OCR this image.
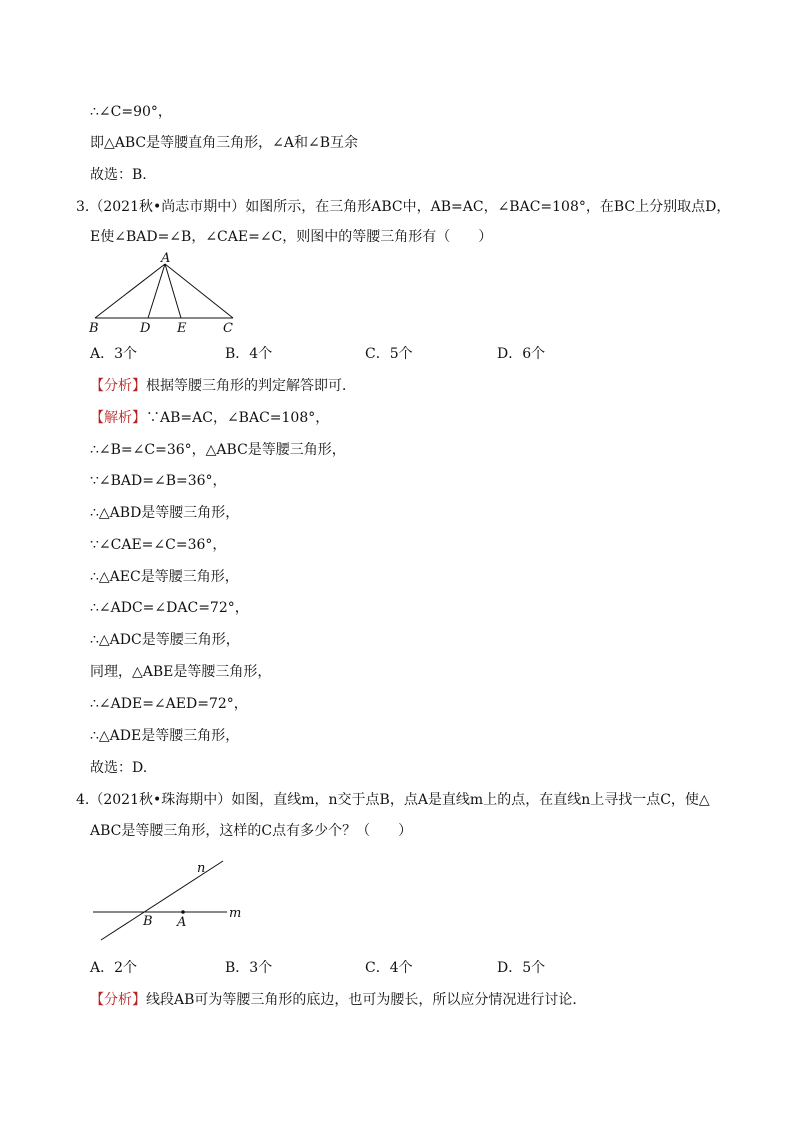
∴∠C=90°，
即△ABC是等腰直角三角形，∠A和∠B互余
故选：B.
3.（2021秋•尚志市期中）如图所示，在三角形ABC中，AB=AC，∠BAC=108°，在BC上分别取点D，
E使∠BAD=∠B，∠CAE=∠C，则图中的等腰三角形有（　　）
A
B	D E	C
A．3个	B．4个	C．5个	D．6个
【分析】根据等腰三角形的判定解答即可．
【解析】∵AB=AC，∠BAC=108°，
∴∠B=∠C=36°，△ABC是等腰三角形，
∵∠BAD=∠B=36°，
∴△ABD是等腰三角形，
∵∠CAE=∠C=36°，
∴△AEC是等腰三角形，
∴∠ADC=∠DAC=72°，
∴△ADC是等腰三角形，
同理，△ABE是等腰三角形，
∴∠ADE=∠AED=72°，
∴△ADE是等腰三角形，
故选：D.
4.（2021秋•珠海期中）如图，直线m，n交于点B，点A是直线m上的点，在直线n上寻找一点C，使△
ABC是等腰三角形，这样的C点有多少个？（　　）
n
B A
m
A．2个	B．3个	C．4个	D．5个
【分析】线段AB可为等腰三角形的底边，也可为腰长，所以应分情况进行讨论．
